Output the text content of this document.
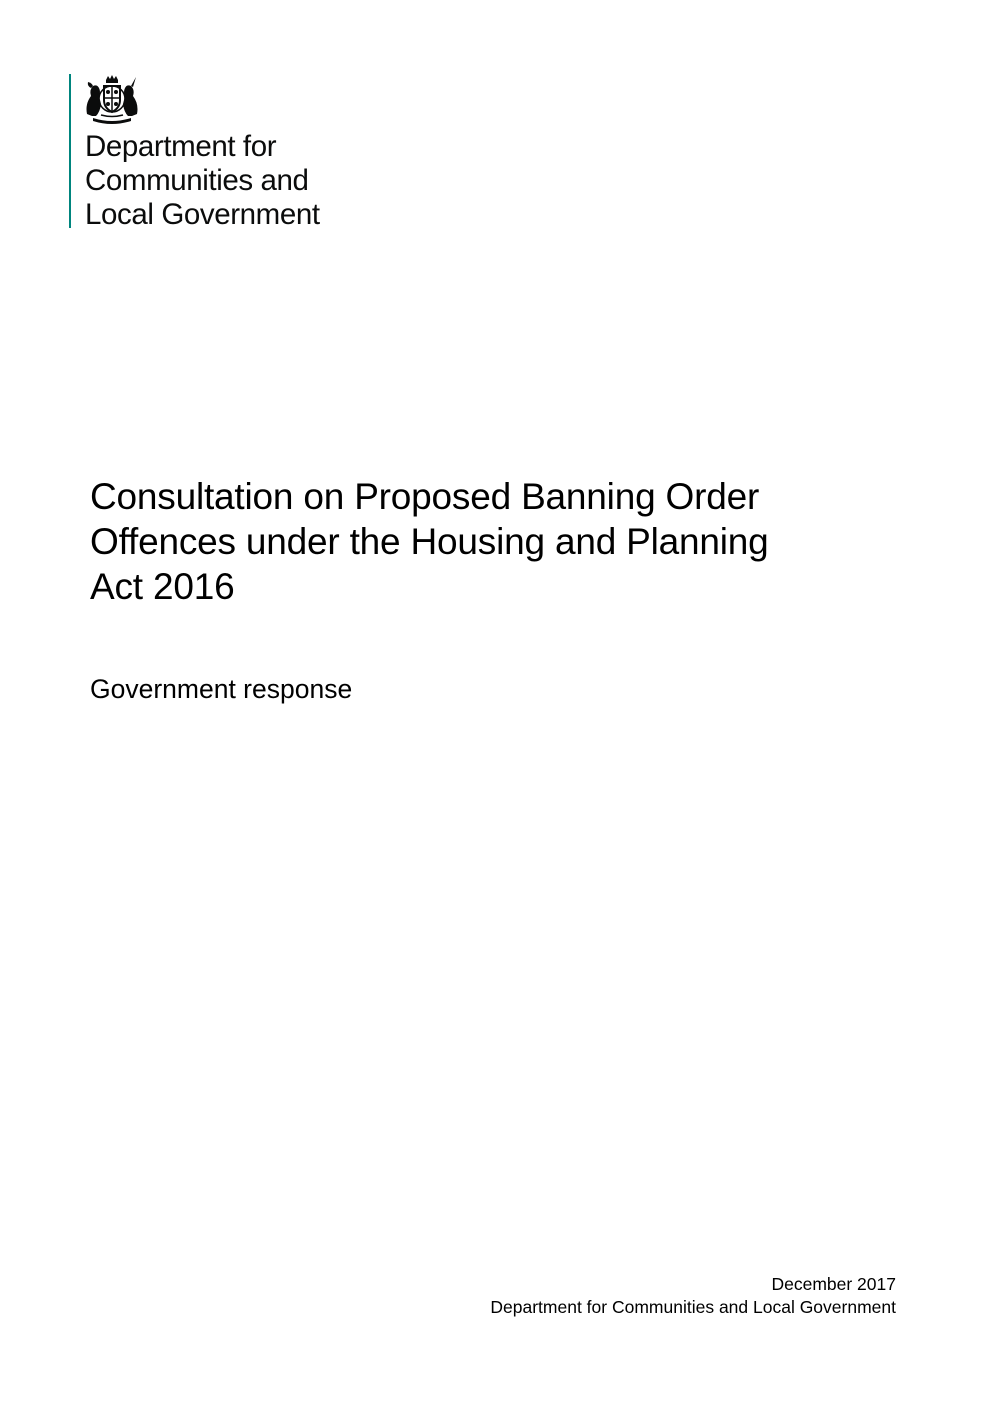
Department for
Communities and
Local Government
Consultation on Proposed Banning Order
Offences under the Housing and Planning
Act 2016
Government response
December 2017
Department for Communities and Local Government
